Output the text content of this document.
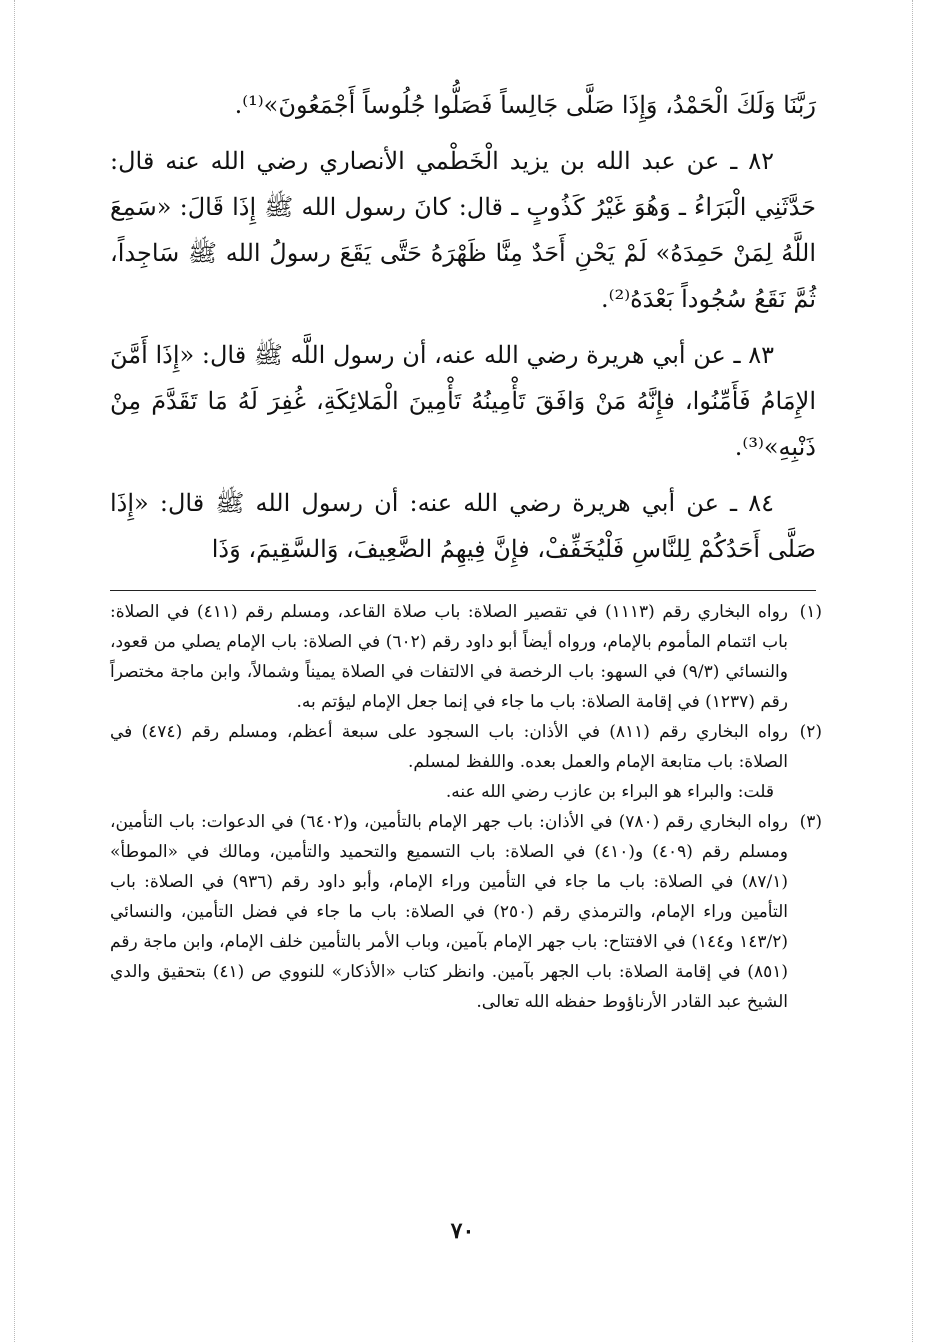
رَبَّنَا وَلَكَ الْحَمْدُ، وَإِذَا صَلَّى جَالِساً فَصَلُّوا جُلُوساً أَجْمَعُونَ»⁽¹⁾.

٨٢ ـ عن عبد الله بن يزيد الْخَطْمي الأنصاري رضي الله عنه قال: حَدَّثَنِي الْبَرَاءُ ـ وَهُوَ غَيْرُ كَذُوبٍ ـ قال: كانَ رسول الله ﷺ إِذَا قَالَ: «سَمِعَ اللَّهُ لِمَنْ حَمِدَهُ» لَمْ يَحْنِ أَحَدٌ مِنَّا ظَهْرَهُ حَتَّى يَقَعَ رسولُ الله ﷺ سَاجِداً، ثُمَّ نَقَعُ سُجُوداً بَعْدَهُ⁽²⁾.

٨٣ ـ عن أبي هريرة رضي الله عنه، أن رسول اللَّه ﷺ قال: «إِذَا أَمَّنَ الإِمَامُ فَأَمِّنُوا، فإِنَّهُ مَنْ وَافَقَ تَأْمِينُهُ تَأْمِينَ الْمَلائِكَةِ، غُفِرَ لَهُ مَا تَقَدَّمَ مِنْ ذَنْبِهِ»⁽³⁾.

٨٤ ـ عن أبي هريرة رضي الله عنه: أن رسول الله ﷺ قال: «إِذَا صَلَّى أَحَدُكُمْ لِلنَّاسِ فَلْيُخَفِّفْ، فإِنَّ فِيهِمُ الضَّعِيفَ، وَالسَّقِيمَ، وَذَا

(١)
رواه البخاري رقم (١١١٣) في تقصير الصلاة: باب صلاة القاعد، ومسلم رقم (٤١١) في الصلاة: باب ائتمام المأموم بالإمام، ورواه أيضاً أبو داود رقم (٦٠٢) في الصلاة: باب الإمام يصلي من قعود، والنسائي (٩/٣) في السهو: باب الرخصة في الالتفات في الصلاة يميناً وشمالاً، وابن ماجة مختصراً رقم (١٢٣٧) في إقامة الصلاة: باب ما جاء في إنما جعل الإمام ليؤتم به.

(٢)
رواه البخاري رقم (٨١١) في الأذان: باب السجود على سبعة أعظم، ومسلم رقم (٤٧٤) في الصلاة: باب متابعة الإمام والعمل بعده. واللفظ لمسلم.

قلت: والبراء هو البراء بن عازب رضي الله عنه.

(٣)
رواه البخاري رقم (٧٨٠) في الأذان: باب جهر الإمام بالتأمين، و(٦٤٠٢) في الدعوات: باب التأمين، ومسلم رقم (٤٠٩) و(٤١٠) في الصلاة: باب التسميع والتحميد والتأمين، ومالك في «الموطأ» (٨٧/١) في الصلاة: باب ما جاء في التأمين وراء الإمام، وأبو داود رقم (٩٣٦) في الصلاة: باب التأمين وراء الإمام، والترمذي رقم (٢٥٠) في الصلاة: باب ما جاء في فضل التأمين، والنسائي (١٤٣/٢ و١٤٤) في الافتتاح: باب جهر الإمام بآمين، وباب الأمر بالتأمين خلف الإمام، وابن ماجة رقم (٨٥١) في إقامة الصلاة: باب الجهر بآمين. وانظر كتاب «الأذكار» للنووي ص (٤١) بتحقيق والدي الشيخ عبد القادر الأرناؤوط حفظه الله تعالى.

٧٠
